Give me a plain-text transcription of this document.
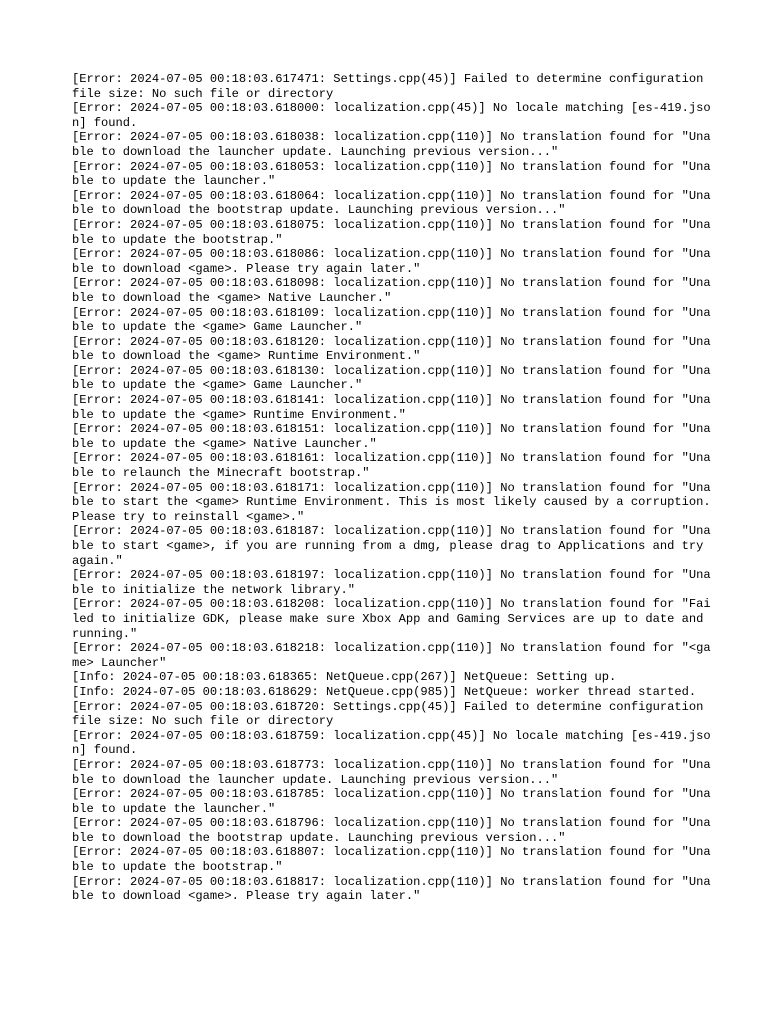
[Error: 2024-07-05 00:18:03.617471: Settings.cpp(45)] Failed to determine configuration file size: No such file or directory
[Error: 2024-07-05 00:18:03.618000: localization.cpp(45)] No locale matching [es-419.json] found.
[Error: 2024-07-05 00:18:03.618038: localization.cpp(110)] No translation found for "Unable to download the launcher update. Launching previous version..."
[Error: 2024-07-05 00:18:03.618053: localization.cpp(110)] No translation found for "Unable to update the launcher."
[Error: 2024-07-05 00:18:03.618064: localization.cpp(110)] No translation found for "Unable to download the bootstrap update. Launching previous version..."
[Error: 2024-07-05 00:18:03.618075: localization.cpp(110)] No translation found for "Unable to update the bootstrap."
[Error: 2024-07-05 00:18:03.618086: localization.cpp(110)] No translation found for "Unable to download <game>. Please try again later."
[Error: 2024-07-05 00:18:03.618098: localization.cpp(110)] No translation found for "Unable to download the <game> Native Launcher."
[Error: 2024-07-05 00:18:03.618109: localization.cpp(110)] No translation found for "Unable to update the <game> Game Launcher."
[Error: 2024-07-05 00:18:03.618120: localization.cpp(110)] No translation found for "Unable to download the <game> Runtime Environment."
[Error: 2024-07-05 00:18:03.618130: localization.cpp(110)] No translation found for "Unable to update the <game> Game Launcher."
[Error: 2024-07-05 00:18:03.618141: localization.cpp(110)] No translation found for "Unable to update the <game> Runtime Environment."
[Error: 2024-07-05 00:18:03.618151: localization.cpp(110)] No translation found for "Unable to update the <game> Native Launcher."
[Error: 2024-07-05 00:18:03.618161: localization.cpp(110)] No translation found for "Unable to relaunch the Minecraft bootstrap."
[Error: 2024-07-05 00:18:03.618171: localization.cpp(110)] No translation found for "Unable to start the <game> Runtime Environment. This is most likely caused by a corruption. Please try to reinstall <game>."
[Error: 2024-07-05 00:18:03.618187: localization.cpp(110)] No translation found for "Unable to start <game>, if you are running from a dmg, please drag to Applications and try again."
[Error: 2024-07-05 00:18:03.618197: localization.cpp(110)] No translation found for "Unable to initialize the network library."
[Error: 2024-07-05 00:18:03.618208: localization.cpp(110)] No translation found for "Failed to initialize GDK, please make sure Xbox App and Gaming Services are up to date and running."
[Error: 2024-07-05 00:18:03.618218: localization.cpp(110)] No translation found for "<game> Launcher"
[Info: 2024-07-05 00:18:03.618365: NetQueue.cpp(267)] NetQueue: Setting up.
[Info: 2024-07-05 00:18:03.618629: NetQueue.cpp(985)] NetQueue: worker thread started.
[Error: 2024-07-05 00:18:03.618720: Settings.cpp(45)] Failed to determine configuration file size: No such file or directory
[Error: 2024-07-05 00:18:03.618759: localization.cpp(45)] No locale matching [es-419.json] found.
[Error: 2024-07-05 00:18:03.618773: localization.cpp(110)] No translation found for "Unable to download the launcher update. Launching previous version..."
[Error: 2024-07-05 00:18:03.618785: localization.cpp(110)] No translation found for "Unable to update the launcher."
[Error: 2024-07-05 00:18:03.618796: localization.cpp(110)] No translation found for "Unable to download the bootstrap update. Launching previous version..."
[Error: 2024-07-05 00:18:03.618807: localization.cpp(110)] No translation found for "Unable to update the bootstrap."
[Error: 2024-07-05 00:18:03.618817: localization.cpp(110)] No translation found for "Unable to download <game>. Please try again later."
